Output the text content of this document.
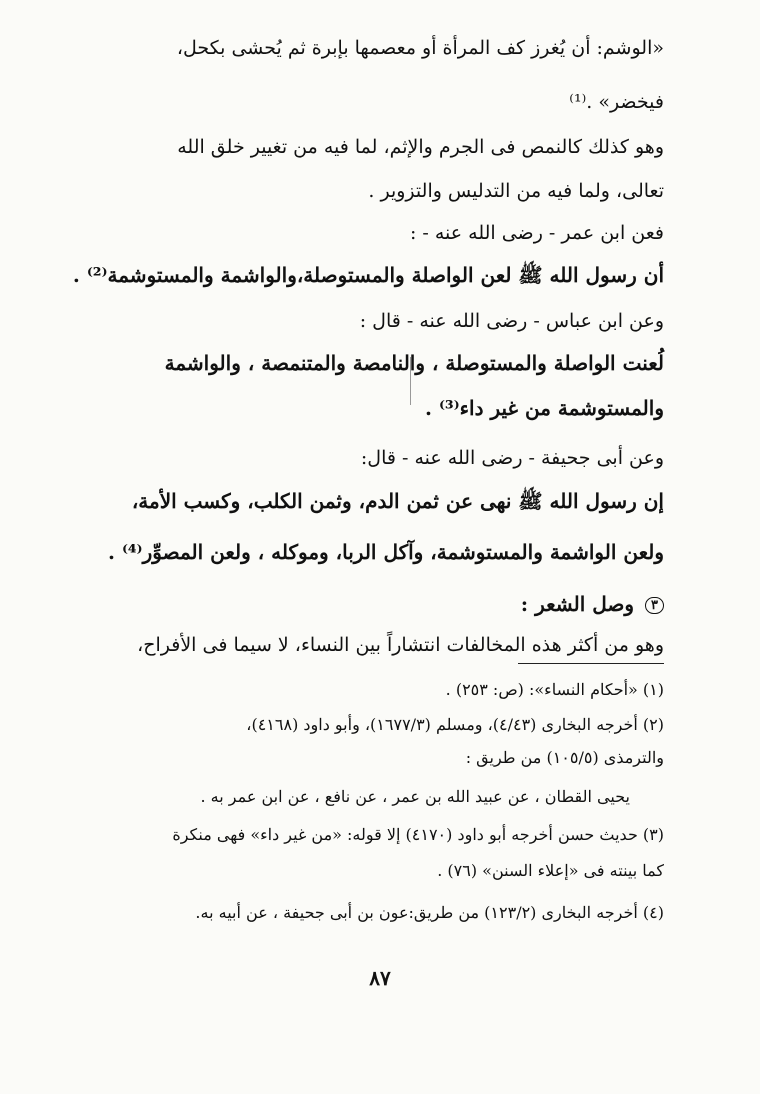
«الوشم: أن يُغرز كف المرأة أو معصمها بإبرة ثم يُحشى بكحل،
فيخضر» .⁽¹⁾
وهو كذلك كالنمص فى الجرم والإثم، لما فيه من تغيير خلق الله
تعالى، ولما فيه من التدليس والتزوير .
فعن ابن عمر - رضى الله عنه - :
أن رسول الله ﷺ لعن الواصلة والمستوصلة،والواشمة والمستوشمة⁽²⁾ .
وعن ابن عباس - رضى الله عنه - قال :
لُعنت الواصلة والمستوصلة ، والنامصة والمتنمصة ، والواشمة
والمستوشمة من غير داء⁽³⁾ .
وعن أبى جحيفة - رضى الله عنه - قال:
إن رسول الله ﷺ نهى عن ثمن الدم، وثمن الكلب، وكسب الأمة،
ولعن الواشمة والمستوشمة، وآكل الربا، وموكله ، ولعن المصوِّر⁽⁴⁾ .
٣ وصل الشعر :
وهو من أكثر هذه المخالفات انتشاراً بين النساء، لا سيما فى الأفراح،
(١) «أحكام النساء»: (ص: ٢٥٣) .
(٢) أخرجه البخارى (٤/٤٣)، ومسلم (١٦٧٧/٣)، وأبو داود (٤١٦٨)،
والترمذى (١٠٥/٥) من طريق :
يحيى القطان ، عن عبيد الله بن عمر ، عن نافع ، عن ابن عمر به .
(٣) حديث حسن أخرجه أبو داود (٤١٧٠) إلا قوله: «من غير داء» فهى منكرة
كما بينته فى «إعلاء السنن» (٧٦) .
(٤) أخرجه البخارى (١٢٣/٢) من طريق:عون بن أبى جحيفة ، عن أبيه به.
٨٧
